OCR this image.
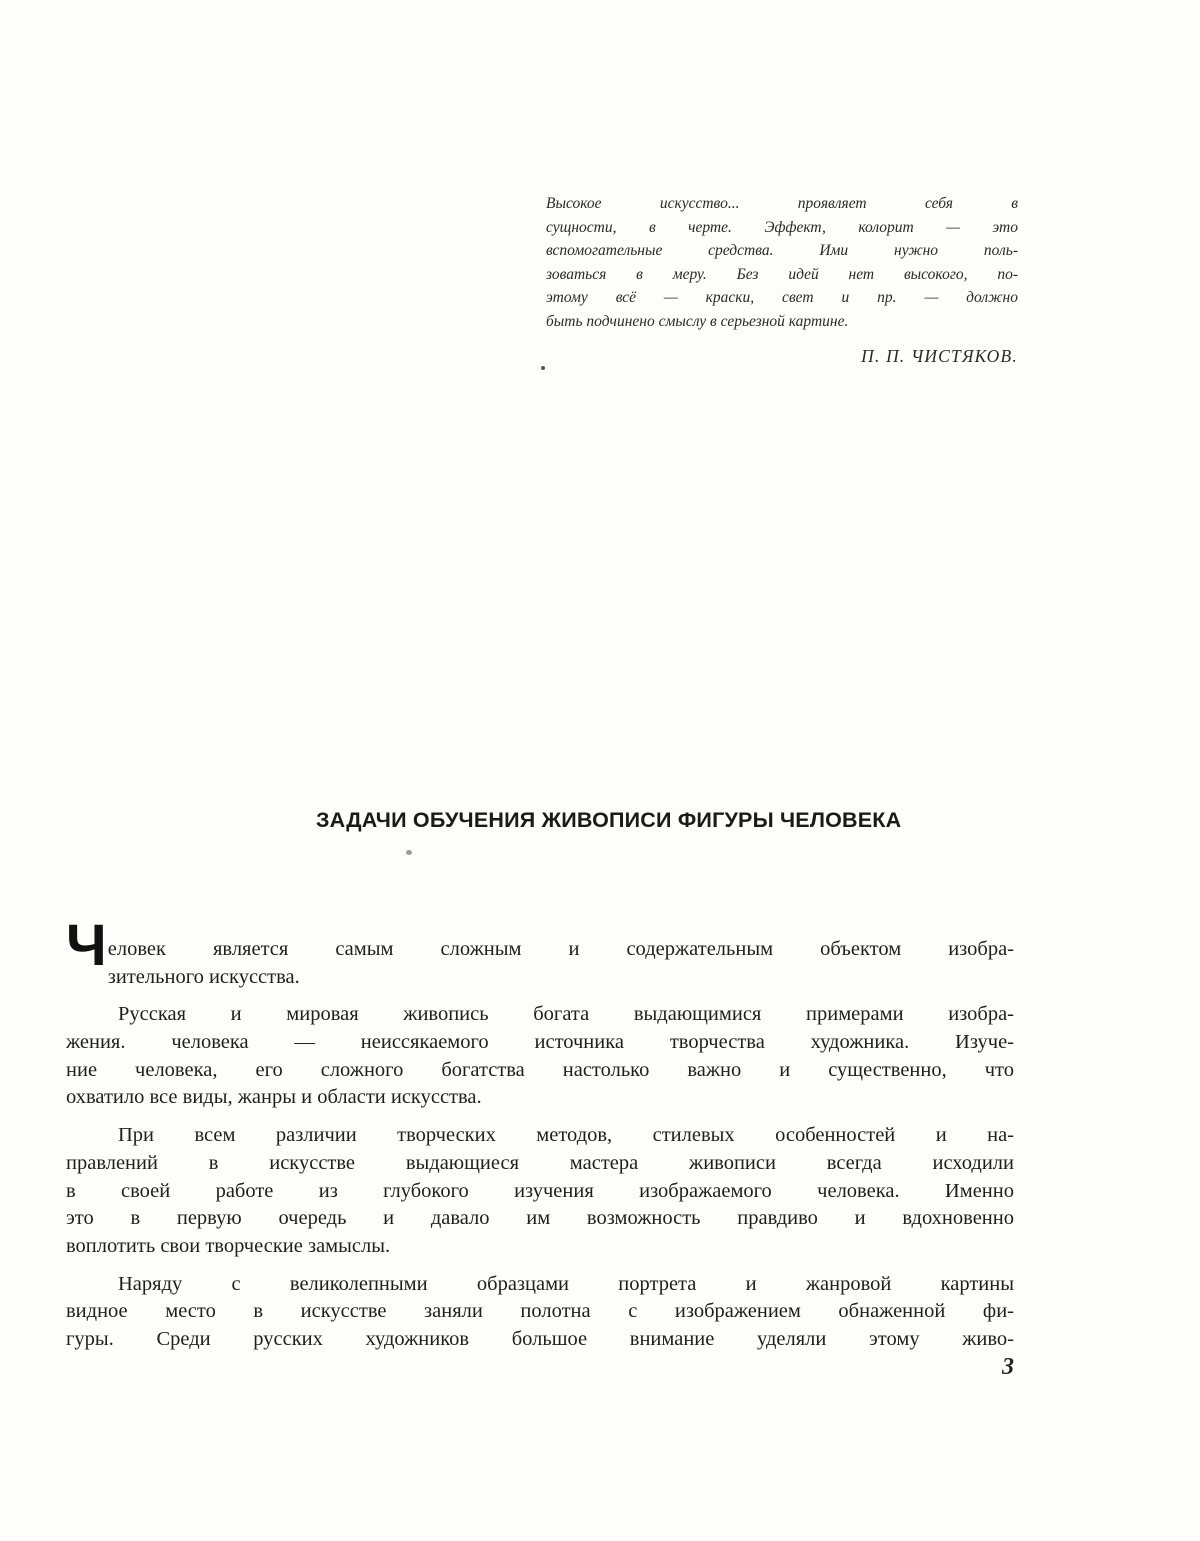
Высокое искусство... проявляет себя в
сущности, в черте. Эффект, колорит — это
вспомогательные средства. Ими нужно поль-
зоваться в меру. Без идей нет высокого, по-
этому всё — краски, свет и пр. — должно
быть подчинено смыслу в серьезной картине.
П. П. ЧИСТЯКОВ.
ЗАДАЧИ ОБУЧЕНИЯ ЖИВОПИСИ ФИГУРЫ ЧЕЛОВЕКА
Ч еловек является самым сложным и содержательным объектом изобра-
зительного искусства.
Русская и мировая живопись богата выдающимися примерами изобра-
жения. человека — неиссякаемого источника творчества художника. Изуче-
ние человека, его сложного богатства настолько важно и существенно, что
охватило все виды, жанры и области искусства.
При всем различии творческих методов, стилевых особенностей и на-
правлений в искусстве выдающиеся мастера живописи всегда исходили
в своей работе из глубокого изучения изображаемого человека. Именно
это в первую очередь и давало им возможность правдиво и вдохновенно
воплотить свои творческие замыслы.
Наряду с великолепными образцами портрета и жанровой картины
видное место в искусстве заняли полотна с изображением обнаженной фи-
гуры. Среди русских художников большое внимание уделяли этому живо-
3
